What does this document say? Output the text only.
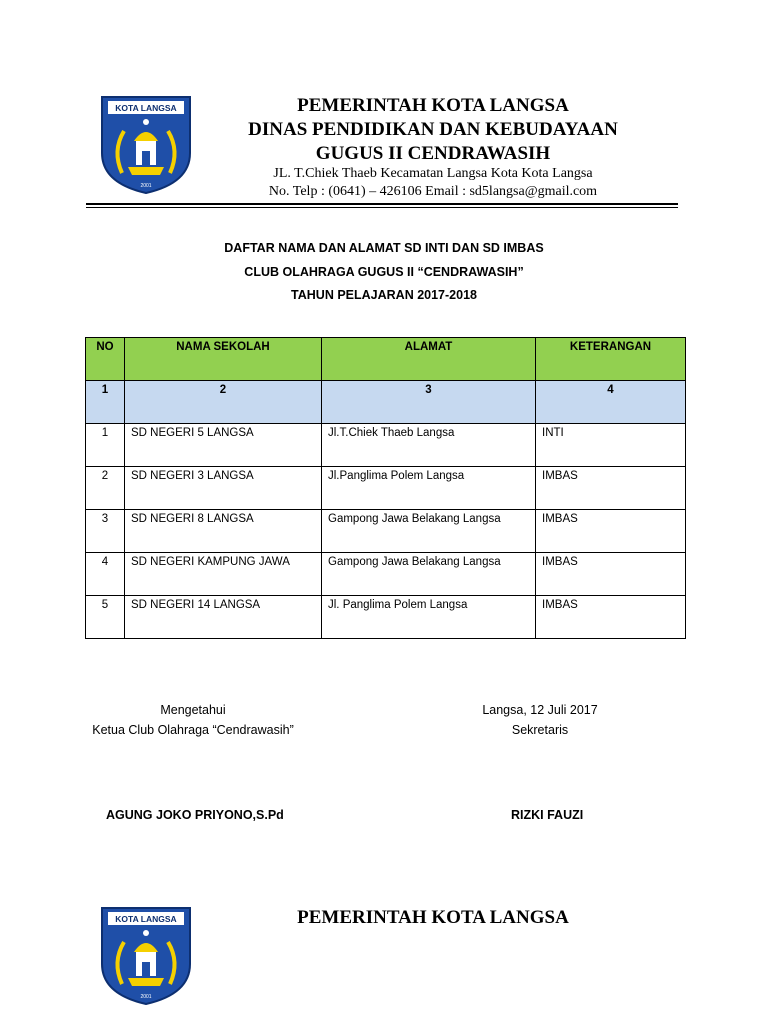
KOTA LANGSA
2001
PEMERINTAH KOTA LANGSA
DINAS PENDIDIKAN DAN KEBUDAYAAN
GUGUS II CENDRAWASIH
JL. T.Chiek Thaeb Kecamatan Langsa Kota Kota Langsa
No. Telp : (0641) – 426106 Email : sd5langsa@gmail.com
DAFTAR NAMA DAN ALAMAT SD INTI DAN SD IMBAS
CLUB OLAHRAGA GUGUS II “CENDRAWASIH”
TAHUN PELAJARAN 2017-2018
NO	NAMA SEKOLAH	ALAMAT	KETERANGAN
1	2	3	4
1	SD NEGERI 5 LANGSA	Jl.T.Chiek Thaeb Langsa	INTI
2	SD NEGERI 3 LANGSA	Jl.Panglima Polem Langsa	IMBAS
3	SD NEGERI 8 LANGSA	Gampong Jawa Belakang Langsa	IMBAS
4	SD NEGERI KAMPUNG JAWA	Gampong Jawa Belakang Langsa	IMBAS
5	SD NEGERI 14 LANGSA	Jl. Panglima Polem Langsa	IMBAS
Mengetahui
Ketua Club Olahraga “Cendrawasih”
Langsa, 12 Juli 2017
Sekretaris
AGUNG JOKO PRIYONO,S.Pd	RIZKI FAUZI
KOTA LANGSA
2001
PEMERINTAH KOTA LANGSA
